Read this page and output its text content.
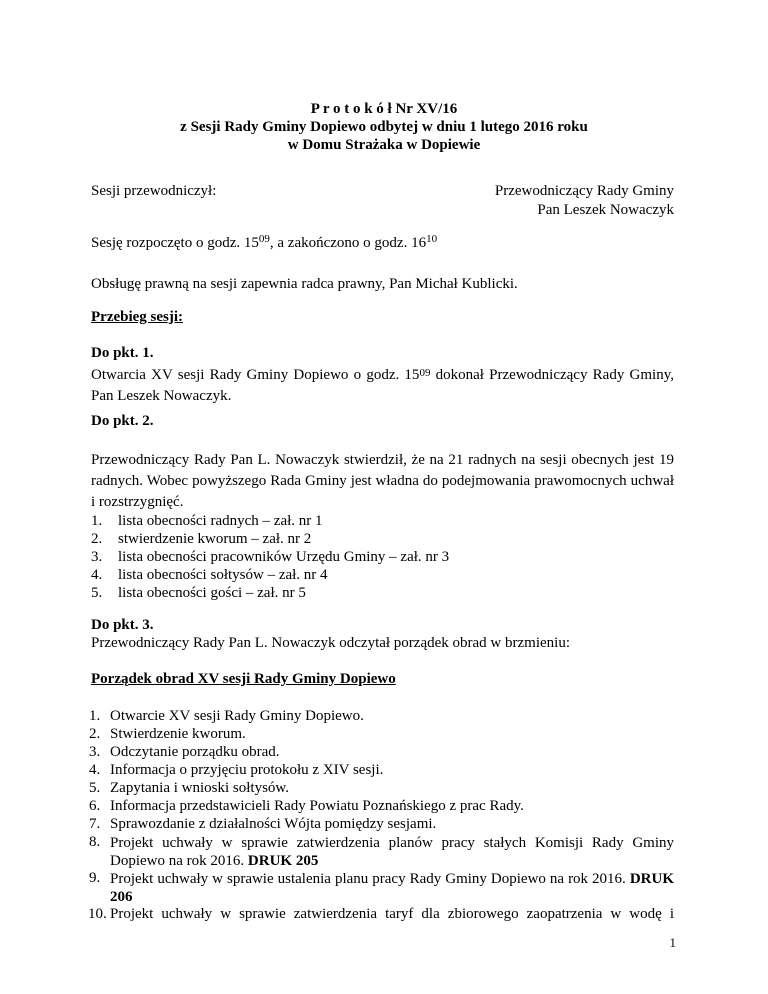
P r o t o k ó ł Nr XV/16
z Sesji Rady Gminy Dopiewo odbytej w dniu 1 lutego 2016 roku
w Domu Strażaka w Dopiewie
Sesji przewodniczył:	Przewodniczący Rady Gminy
Pan Leszek Nowaczyk
Sesję rozpoczęto o godz. $15^{09}$, a zakończono o godz. $16^{10}$
Obsługę prawną na sesji zapewnia radca prawny, Pan Michał Kublicki.
Przebieg sesji:
Do pkt. 1.
Otwarcia XV sesji Rady Gminy Dopiewo o godz. $15^{09}$ dokonał Przewodniczący Rady Gminy, Pan Leszek Nowaczyk.
Do pkt. 2.
Przewodniczący Rady Pan L. Nowaczyk stwierdził, że na 21 radnych na sesji obecnych jest 19 radnych. Wobec powyższego Rada Gminy jest władna do podejmowania prawomocnych uchwał i rozstrzygnięć.
1. lista obecności radnych – zał. nr 1
2. stwierdzenie kworum – zał. nr 2
3. lista obecności pracowników Urzędu Gminy – zał. nr 3
4. lista obecności sołtysów – zał. nr 4
5. lista obecności gości – zał. nr 5
Do pkt. 3.
Przewodniczący Rady Pan L. Nowaczyk odczytał porządek obrad w brzmieniu:
Porządek obrad XV sesji Rady Gminy Dopiewo
1. Otwarcie XV sesji Rady Gminy Dopiewo.
2. Stwierdzenie kworum.
3. Odczytanie porządku obrad.
4. Informacja o przyjęciu protokołu z XIV sesji.
5. Zapytania i wnioski sołtysów.
6. Informacja przedstawicieli Rady Powiatu Poznańskiego z prac Rady.
7. Sprawozdanie z działalności Wójta pomiędzy sesjami.
8. Projekt uchwały w sprawie zatwierdzenia planów pracy stałych Komisji Rady Gminy Dopiewo na rok 2016. DRUK 205
9. Projekt uchwały w sprawie ustalenia planu pracy Rady Gminy Dopiewo na rok 2016. DRUK 206
10. Projekt uchwały w sprawie zatwierdzenia taryf dla zbiorowego zaopatrzenia w wodę i
1
